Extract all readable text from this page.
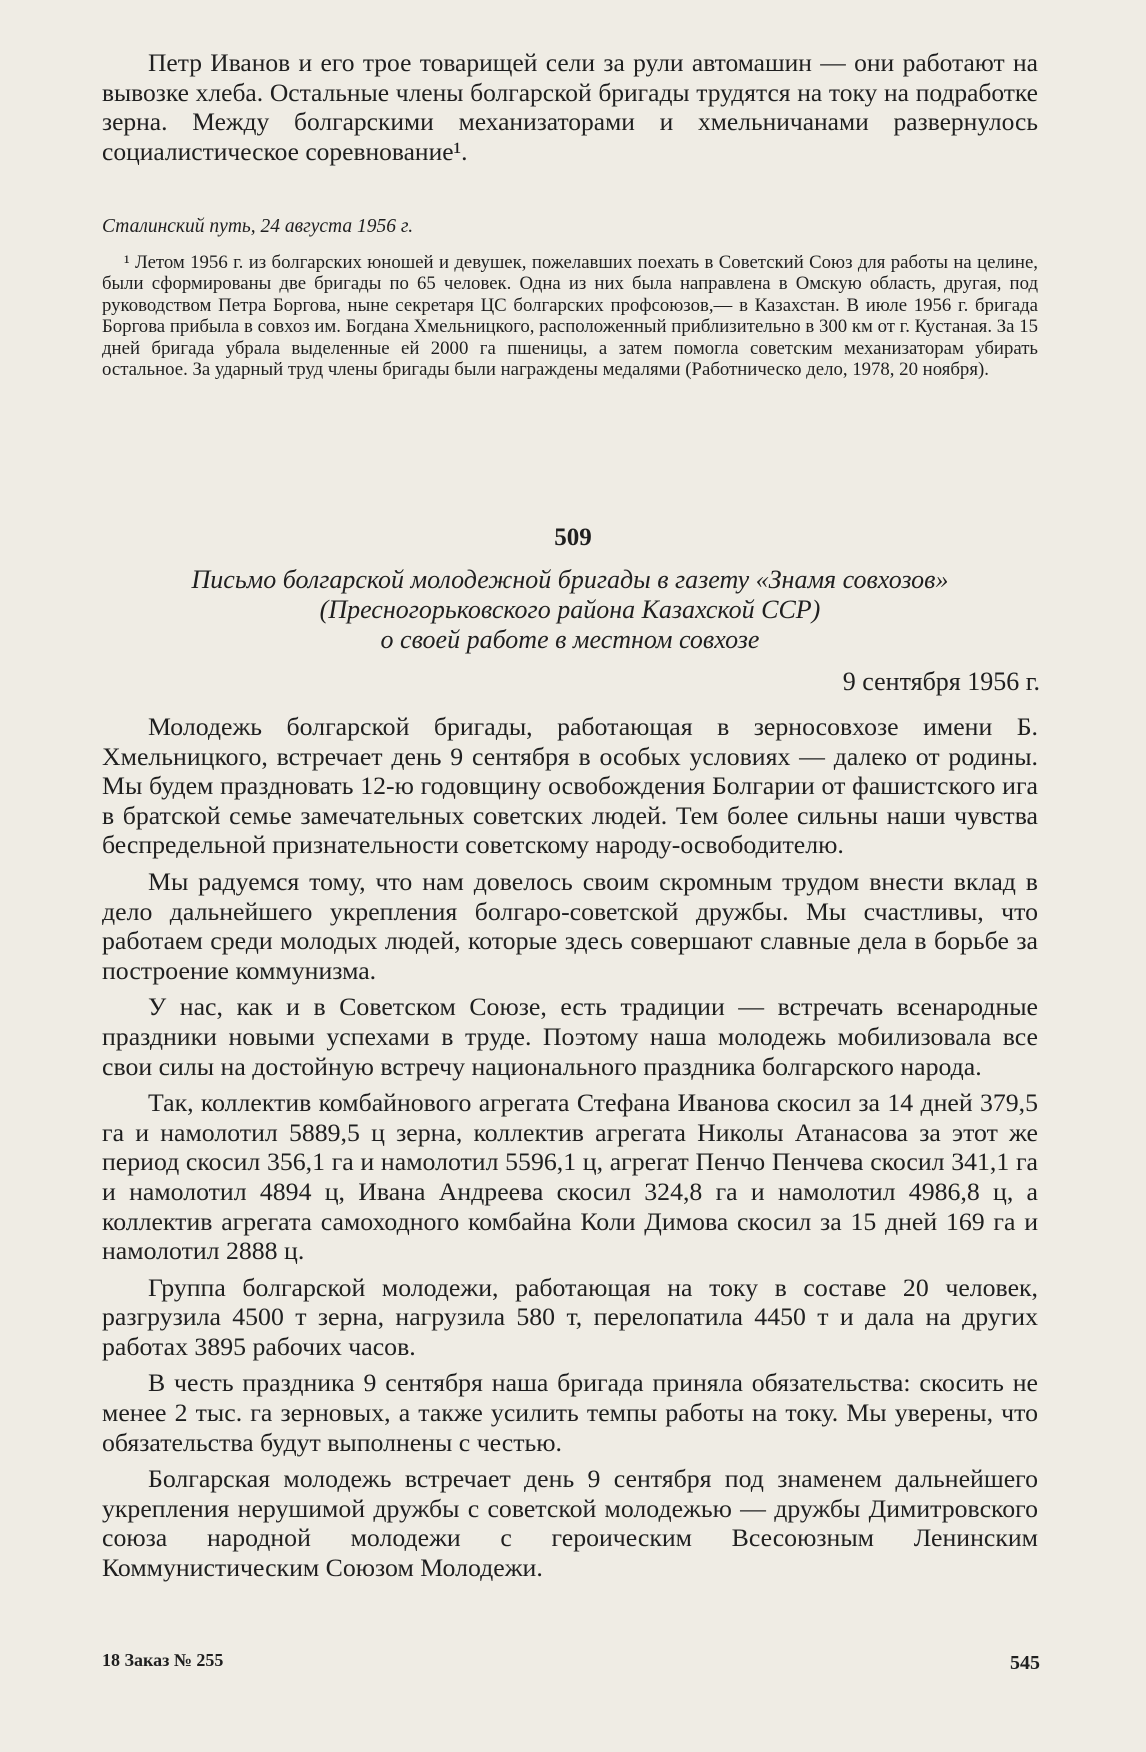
Петр Иванов и его трое товарищей сели за рули автомашин — они работают на вывозке хлеба. Остальные члены болгарской бригады трудятся на току на подработке зерна. Между болгарскими механизаторами и хмельничанами развернулось социалистическое соревнование¹.

Сталинский путь, 24 августа 1956 г.

¹ Летом 1956 г. из болгарских юношей и девушек, пожелавших поехать в Советский Союз для работы на целине, были сформированы две бригады по 65 человек. Одна из них была направлена в Омскую область, другая, под руководством Петра Боргова, ныне секретаря ЦС болгарских профсоюзов,— в Казахстан. В июле 1956 г. бригада Боргова прибыла в совхоз им. Богдана Хмельницкого, расположенный приблизительно в 300 км от г. Кустаная. За 15 дней бригада убрала выделенные ей 2000 га пшеницы, а затем помогла советским механизаторам убирать остальное. За ударный труд члены бригады были награждены медалями (Работническо дело, 1978, 20 ноября).

509
Письмо болгарской молодежной бригады в газету «Знамя совхозов»
(Пресногорьковского района Казахской ССР)
о своей работе в местном совхозе
9 сентября 1956 г.

Молодежь болгарской бригады, работающая в зерносовхозе имени Б. Хмельницкого, встречает день 9 сентября в особых условиях — далеко от родины. Мы будем праздновать 12-ю годовщину освобождения Болгарии от фашистского ига в братской семье замечательных советских людей. Тем более сильны наши чувства беспредельной признательности советскому народу-освободителю.

Мы радуемся тому, что нам довелось своим скромным трудом внести вклад в дело дальнейшего укрепления болгаро-советской дружбы. Мы счастливы, что работаем среди молодых людей, которые здесь совершают славные дела в борьбе за построение коммунизма.

У нас, как и в Советском Союзе, есть традиции — встречать всенародные праздники новыми успехами в труде. Поэтому наша молодежь мобилизовала все свои силы на достойную встречу национального праздника болгарского народа.

Так, коллектив комбайнового агрегата Стефана Иванова скосил за 14 дней 379,5 га и намолотил 5889,5 ц зерна, коллектив агрегата Николы Атанасова за этот же период скосил 356,1 га и намолотил 5596,1 ц, агрегат Пенчо Пенчева скосил 341,1 га и намолотил 4894 ц, Ивана Андреева скосил 324,8 га и намолотил 4986,8 ц, а коллектив агрегата самоходного комбайна Коли Димова скосил за 15 дней 169 га и намолотил 2888 ц.

Группа болгарской молодежи, работающая на току в составе 20 человек, разгрузила 4500 т зерна, нагрузила 580 т, перелопатила 4450 т и дала на других работах 3895 рабочих часов.

В честь праздника 9 сентября наша бригада приняла обязательства: скосить не менее 2 тыс. га зерновых, а также усилить темпы работы на току. Мы уверены, что обязательства будут выполнены с честью.

Болгарская молодежь встречает день 9 сентября под знаменем дальнейшего укрепления нерушимой дружбы с советской молодежью — дружбы Димитровского союза народной молодежи с героическим Всесоюзным Ленинским Коммунистическим Союзом Молодежи.

18 Заказ № 255	545
